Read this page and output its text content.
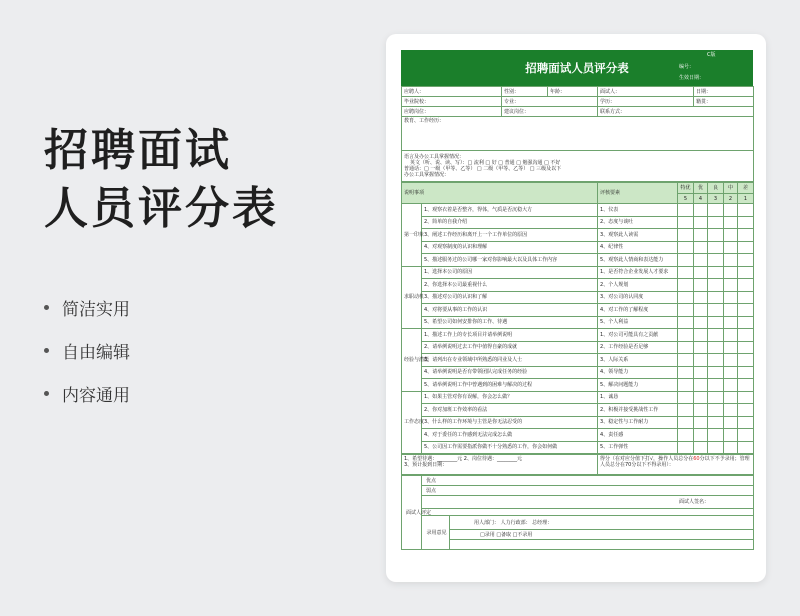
招聘面试
人员评分表
简洁实用
自由编辑
内容通用
招聘面试人员评分表
C版
编号：
生效日期：
应聘人：	性别：	年龄：	面试人：	日期：
毕业院校：	专业：		学历：	籍贯：
应聘岗位：	建议岗位：		联系方式：	
教育、工作经历：				

语言及办公工具掌握情况：
英文（听、说、读、写）：□ 流利 □ 好 □ 普通 □ 勉强沟通 □ 不好
普通话：□ 一级（甲等、乙等） □ 二级（甲等、乙等） □ 三级及以下
办公工具掌握情况：				
说明事项		评核要素	特优	优	良	中	差
			5	4	3	2	1
第一印象	1、观察衣着是否整齐，得体，气质是否沉稳大方	1、仪表					
	2、简单的自我介绍	2、态度与谈吐					
	3、阐述工作经历和离开上一个工作单位的原因	3、观察此人读需					
	4、对观察制度的认识和理解	4、纪律性					
	5、描述服务过的公司哪一家对你影响最大以及具体工作内容	5、观察此人情商和表达能力					
求职动机	1、选择本公司的原因	1、是否符合企业发展人才要求					
	2、你选择本公司最重视什么	2、个人规划					
	3、描述对公司的认识和了解	3、对公司的认同度					
	4、对将要从事的工作的认识	4、对工作的了解程度					
	5、希望公司如何安排你的工作、待遇	5、个人利益					
经验与潜能	1、描述工作上的专长项目并请举例说明	1、对公司可能具有之贡献					
	2、请举例说明过去工作中值得自豪的成就	2、工作经验是否足够					
	3、请列出在专业领域中所熟悉的同业及人士	3、人际关系					
	4、请举例说明是否有带领团队完成任务的经验	4、领导能力					
	5、请举例说明工作中曾遇到的困难与解决的过程	5、解决问题能力					
工作态度	1、如果主管对你有误解，你会怎么做？	1、诚恳					
	2、你对加班工作效率的看法	2、积极并接受挑战性工作					
	3、什么样的工作环境与主管是你无法忍受的	3、稳定性与工作耐力					
	4、对于委任的工作感到无法完成怎么做	4、责任感					
	5、公司因工作需要指派你做不十分熟悉的工作，你会如何做	5、工作弹性					
1、希望待遇：________元 2、岗位待遇：________元
3、预计报到日期：
	得分（在对应分值下打√，操作人员总分在60分以下不予录用；管理人员总分在70分以下不得录用）：
面试人评定	优点	
	弱点	
	面试人签名：	

	录用意见	用人部门： 人力行政部： 总经理：
		□录用 □备取 □不录用
